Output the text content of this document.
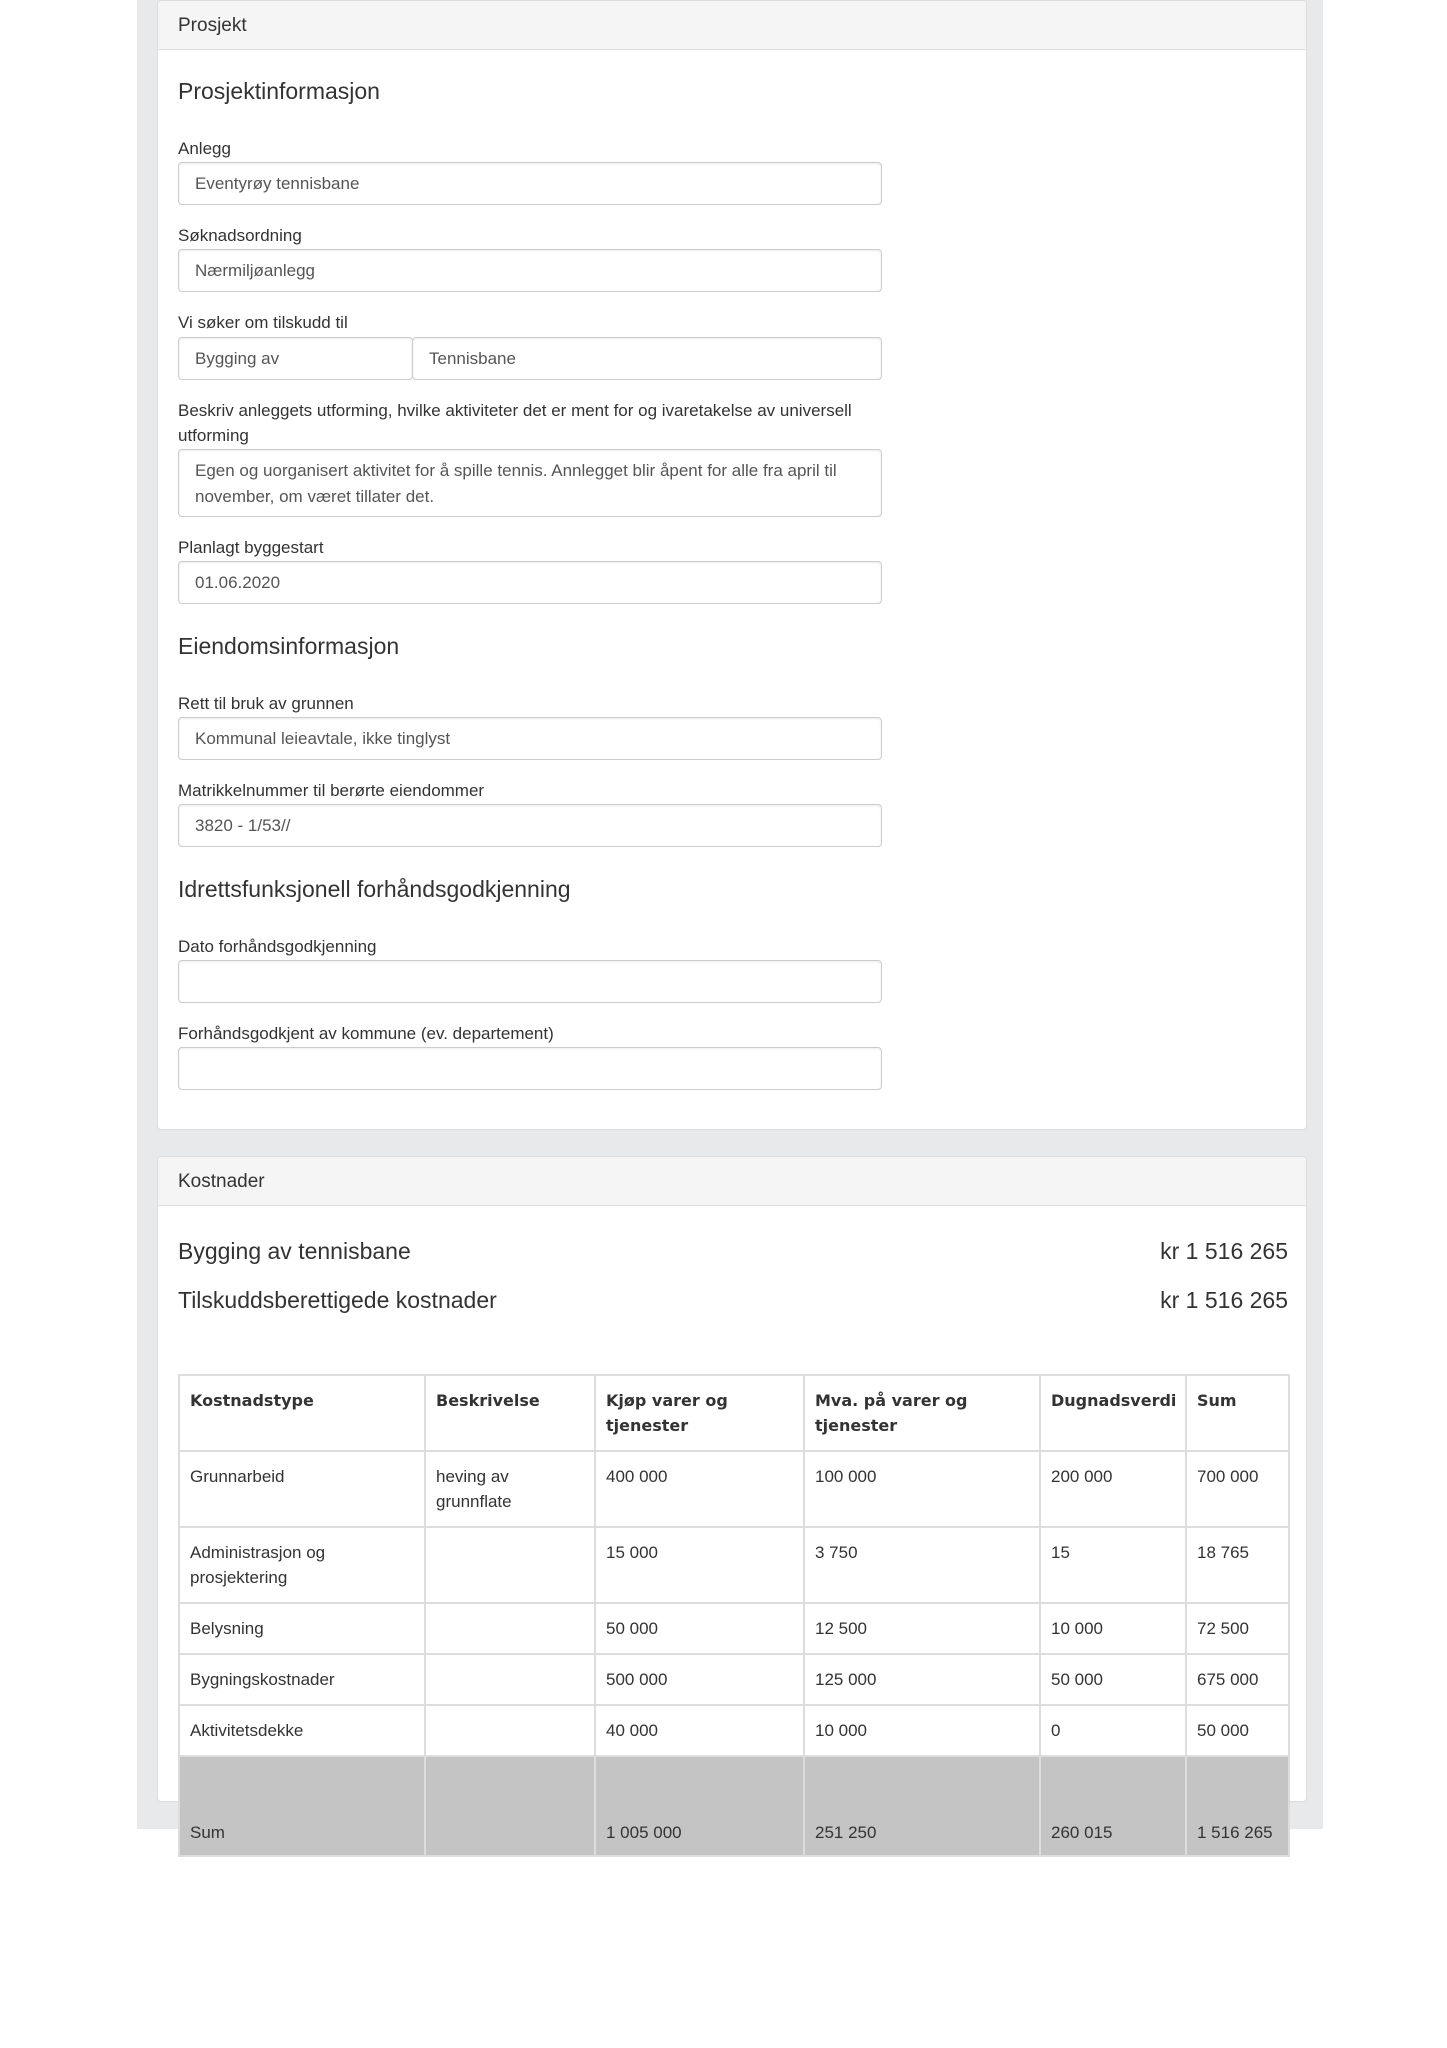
Prosjekt
Prosjektinformasjon
Anlegg
Eventyrøy tennisbane
Søknadsordning
Nærmiljøanlegg
Vi søker om tilskudd til
Bygging av	Tennisbane
Beskriv anleggets utforming, hvilke aktiviteter det er ment for og ivaretakelse av universell utforming
Egen og uorganisert aktivitet for å spille tennis. Annlegget blir åpent for alle fra april til november, om været tillater det.
Planlagt byggestart
01.06.2020
Eiendomsinformasjon
Rett til bruk av grunnen
Kommunal leieavtale, ikke tinglyst
Matrikkelnummer til berørte eiendommer
3820 - 1/53//
Idrettsfunksjonell forhåndsgodkjenning
Dato forhåndsgodkjenning
Forhåndsgodkjent av kommune (ev. departement)
Kostnader
Bygging av tennisbane	kr 1 516 265
Tilskuddsberettigede kostnader	kr 1 516 265
Kostnadstype	Beskrivelse	Kjøp varer og tjenester	Mva. på varer og tjenester	Dugnadsverdi	Sum
Grunnarbeid	heving av grunnflate	400 000	100 000	200 000	700 000
Administrasjon og prosjektering		15 000	3 750	15	18 765
Belysning		50 000	12 500	10 000	72 500
Bygningskostnader		500 000	125 000	50 000	675 000
Aktivitetsdekke		40 000	10 000	0	50 000
Sum		1 005 000	251 250	260 015	1 516 265
